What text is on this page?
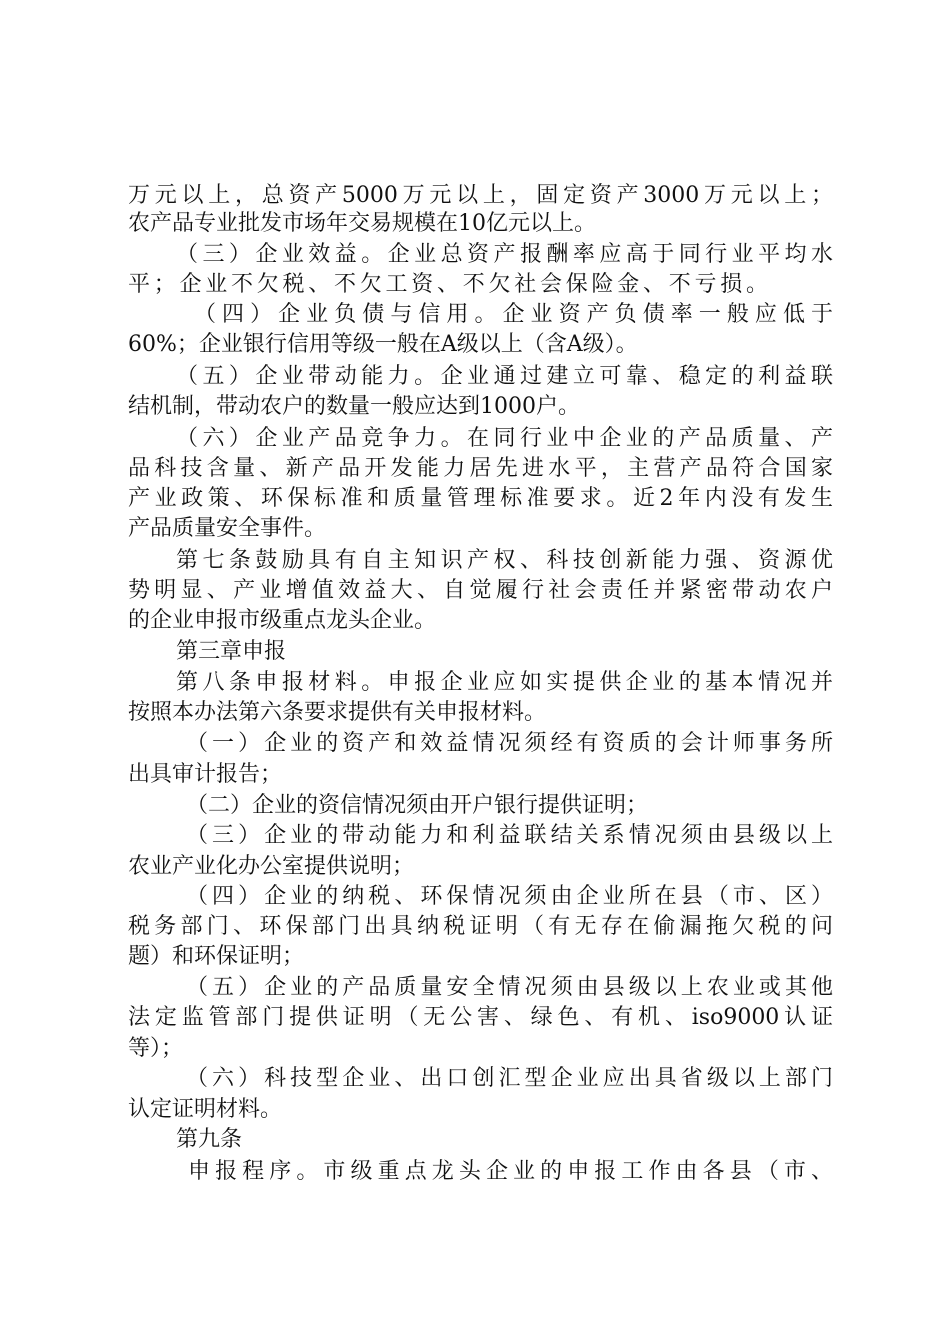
万元以上，总资产5000万元以上，固定资产3000万元以上；
农产品专业批发市场年交易规模在10亿元以上。
（三）企业效益。企业总资产报酬率应高于同行业平均水
平；企业不欠税、不欠工资、不欠社会保险金、不亏损。
（四）企业负债与信用。企业资产负债率一般应低于
60%；企业银行信用等级一般在A级以上（含A级）。
（五）企业带动能力。企业通过建立可靠、稳定的利益联
结机制，带动农户的数量一般应达到1000户。
（六）企业产品竞争力。在同行业中企业的产品质量、产
品科技含量、新产品开发能力居先进水平，主营产品符合国家
产业政策、环保标准和质量管理标准要求。近2年内没有发生
产品质量安全事件。
第七条鼓励具有自主知识产权、科技创新能力强、资源优
势明显、产业增值效益大、自觉履行社会责任并紧密带动农户
的企业申报市级重点龙头企业。
第三章申报
第八条申报材料。申报企业应如实提供企业的基本情况并
按照本办法第六条要求提供有关申报材料。
（一）企业的资产和效益情况须经有资质的会计师事务所
出具审计报告；
（二）企业的资信情况须由开户银行提供证明；
（三）企业的带动能力和利益联结关系情况须由县级以上
农业产业化办公室提供说明；
（四）企业的纳税、环保情况须由企业所在县（市、区）
税务部门、环保部门出具纳税证明（有无存在偷漏拖欠税的问
题）和环保证明；
（五）企业的产品质量安全情况须由县级以上农业或其他
法定监管部门提供证明（无公害、绿色、有机、iso9000认证
等）；
（六）科技型企业、出口创汇型企业应出具省级以上部门
认定证明材料。
第九条
申报程序。市级重点龙头企业的申报工作由各县（市、
